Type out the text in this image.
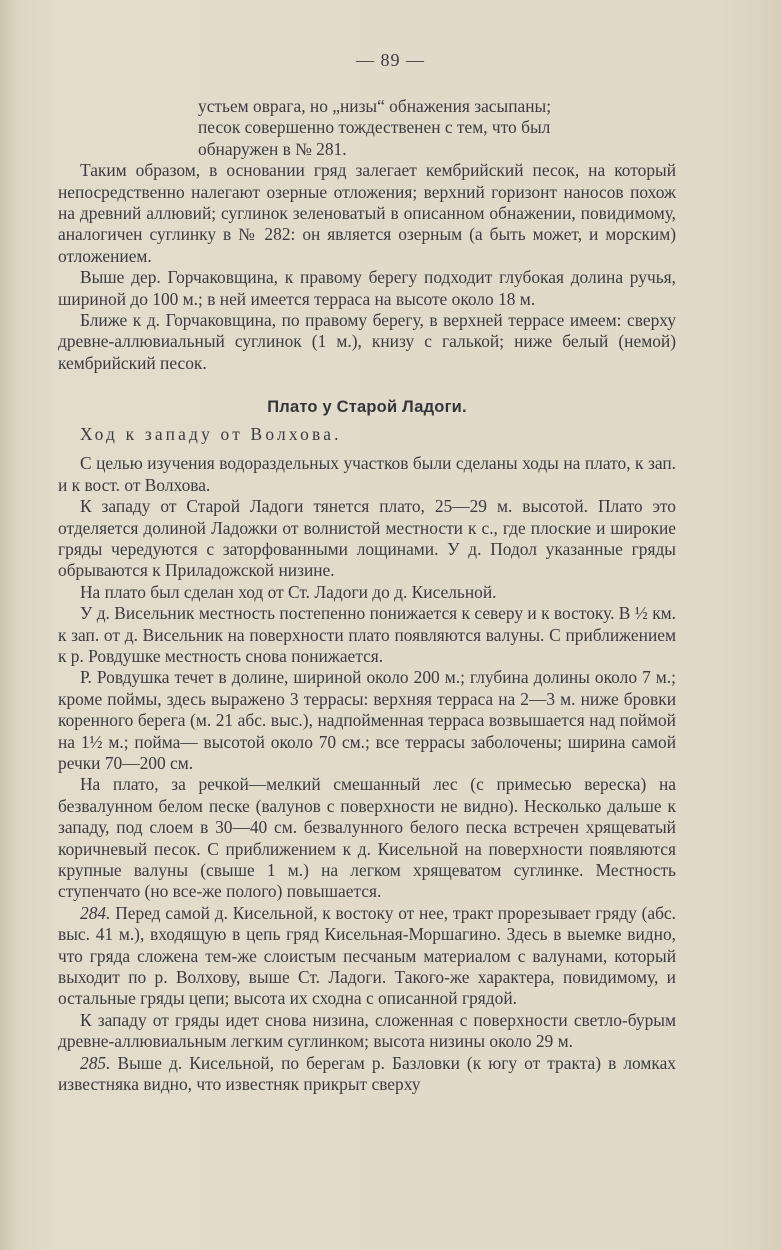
— 89 —

устьем оврага, но „низы“ обнажения засыпаны;
песок совершенно тождественен с тем, что был
обнаружен в № 281.

Таким образом, в основании гряд залегает кембрийский песок, на который непосредственно налегают озерные отложения; верхний горизонт наносов похож на древний аллювий; суглинок зеленоватый в описанном обнажении, повидимому, аналогичен суглинку в № 282: он является озерным (а быть может, и морским) отложением.

Выше дер. Горчаковщина, к правому берегу подходит глубокая долина ручья, шириной до 100 м.; в ней имеется терраса на высоте около 18 м.

Ближе к д. Горчаковщина, по правому берегу, в верхней террасе имеем: сверху древне-аллювиальный суглинок (1 м.), книзу с галькой; ниже белый (немой) кембрийский песок.

Плато у Старой Ладоги.

Ход к западу от Волхова.

С целью изучения водораздельных участков были сделаны ходы на плато, к зап. и к вост. от Волхова.

К западу от Старой Ладоги тянется плато, 25—29 м. высотой. Плато это отделяется долиной Ладожки от волнистой местности к с., где плоские и широкие гряды чередуются с заторфованными лощинами. У д. Подол указанные гряды обрываются к Приладожской низине.

На плато был сделан ход от Ст. Ладоги до д. Кисельной.

У д. Висельник местность постепенно понижается к северу и к востоку. В ½ км. к зап. от д. Висельник на поверхности плато появляются валуны. С приближением к р. Ровдушке местность снова понижается.

Р. Ровдушка течет в долине, шириной около 200 м.; глубина долины около 7 м.; кроме поймы, здесь выражено 3 террасы: верхняя терраса на 2—3 м. ниже бровки коренного берега (м. 21 абс. выс.), надпойменная терраса возвышается над поймой на 1½ м.; пойма— высотой около 70 см.; все террасы заболочены; ширина самой речки 70—200 см.

На плато, за речкой—мелкий смешанный лес (с примесью вереска) на безвалунном белом песке (валунов с поверхности не видно). Несколько дальше к западу, под слоем в 30—40 см. безвалунного белого песка встречен хрящеватый коричневый песок. С приближением к д. Кисельной на поверхности появляются крупные валуны (свыше 1 м.) на легком хрящеватом суглинке. Местность ступенчато (но все-же полого) повышается.

284. Перед самой д. Кисельной, к востоку от нее, тракт прорезывает гряду (абс. выс. 41 м.), входящую в цепь гряд Кисельная-Моршагино. Здесь в выемке видно, что гряда сложена тем-же слоистым песчаным материалом с валунами, который выходит по р. Волхову, выше Ст. Ладоги. Такого-же характера, повидимому, и остальные гряды цепи; высота их сходна с описанной грядой.

К западу от гряды идет снова низина, сложенная с поверхности светло-бурым древне-аллювиальным легким суглинком; высота низины около 29 м.

285. Выше д. Кисельной, по берегам р. Базловки (к югу от тракта) в ломках известняка видно, что известняк прикрыт сверху
